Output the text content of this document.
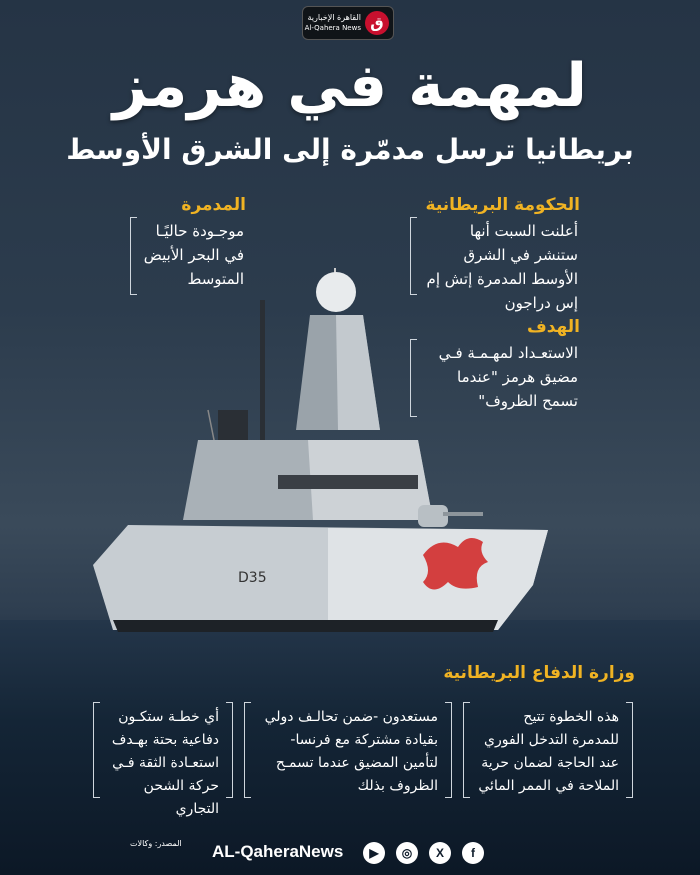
القاهرة الإخبارية
Al-Qahera News ق
لمهمة في هرمز
بريطانيا ترسل مدمّرة إلى الشرق الأوسط
D35
المدمرة
موجـودة حاليًـا في البحر الأبيض المتوسط
الحكومة البريطانية
أعلنت السبت أنها ستنشر في الشرق الأوسط المدمرة إتش إم إس دراجون
الهدف
الاستعـداد لمهـمـة فـي مضيق هرمز "عندما تسمح الظروف"
وزارة الدفاع البريطانية
هذه الخطوة تتيح للمدمرة التدخل الفوري عند الحاجة لضمان حرية الملاحة في الممر المائي
مستعدون -ضمن تحالـف دولي بقيادة مشتركة مع فرنسا- لتأمين المضيق عندما تسمـح الظروف بذلك
أي خطـة ستكـون دفاعية بحتة بهـدف استعـادة الثقة فـي حركة الشحن التجاري
المصدر: وكالات AL-QaheraNews	▶	◎	X	f
